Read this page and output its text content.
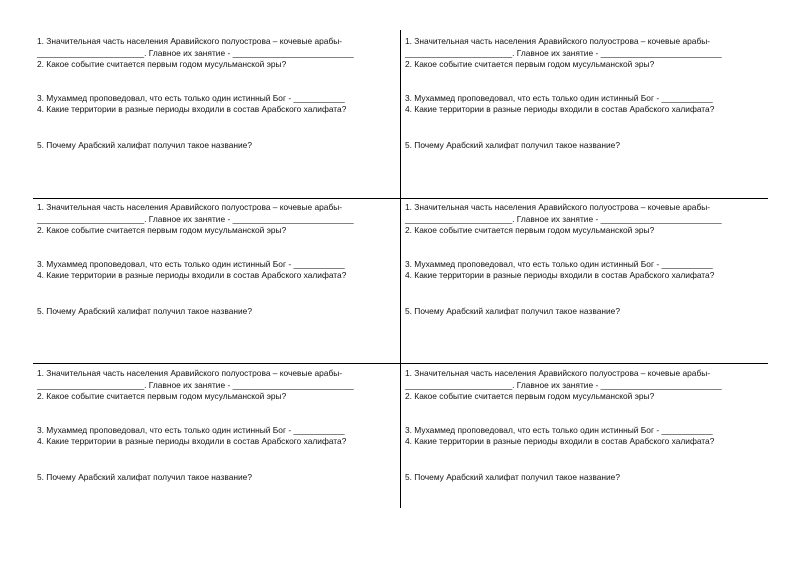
1. Значительная часть населения Аравийского полуострова – кочевые арабы-
_______________________. Главное их занятие - __________________________
2. Какое событие считается первым годом мусульманской эры?
3. Мухаммед проповедовал, что есть только один истинный Бог - ___________
4. Какие территории в разные периоды входили в состав Арабского халифата?
5. Почему Арабский халифат получил такое название?
1. Значительная часть населения Аравийского полуострова – кочевые арабы-
_______________________. Главное их занятие - __________________________
2. Какое событие считается первым годом мусульманской эры?
3. Мухаммед проповедовал, что есть только один истинный Бог - ___________
4. Какие территории в разные периоды входили в состав Арабского халифата?
5. Почему Арабский халифат получил такое название?
1. Значительная часть населения Аравийского полуострова – кочевые арабы-
_______________________. Главное их занятие - __________________________
2. Какое событие считается первым годом мусульманской эры?
3. Мухаммед проповедовал, что есть только один истинный Бог - ___________
4. Какие территории в разные периоды входили в состав Арабского халифата?
5. Почему Арабский халифат получил такое название?
1. Значительная часть населения Аравийского полуострова – кочевые арабы-
_______________________. Главное их занятие - __________________________
2. Какое событие считается первым годом мусульманской эры?
3. Мухаммед проповедовал, что есть только один истинный Бог - ___________
4. Какие территории в разные периоды входили в состав Арабского халифата?
5. Почему Арабский халифат получил такое название?
1. Значительная часть населения Аравийского полуострова – кочевые арабы-
_______________________. Главное их занятие - __________________________
2. Какое событие считается первым годом мусульманской эры?
3. Мухаммед проповедовал, что есть только один истинный Бог - ___________
4. Какие территории в разные периоды входили в состав Арабского халифата?
5. Почему Арабский халифат получил такое название?
1. Значительная часть населения Аравийского полуострова – кочевые арабы-
_______________________. Главное их занятие - __________________________
2. Какое событие считается первым годом мусульманской эры?
3. Мухаммед проповедовал, что есть только один истинный Бог - ___________
4. Какие территории в разные периоды входили в состав Арабского халифата?
5. Почему Арабский халифат получил такое название?
